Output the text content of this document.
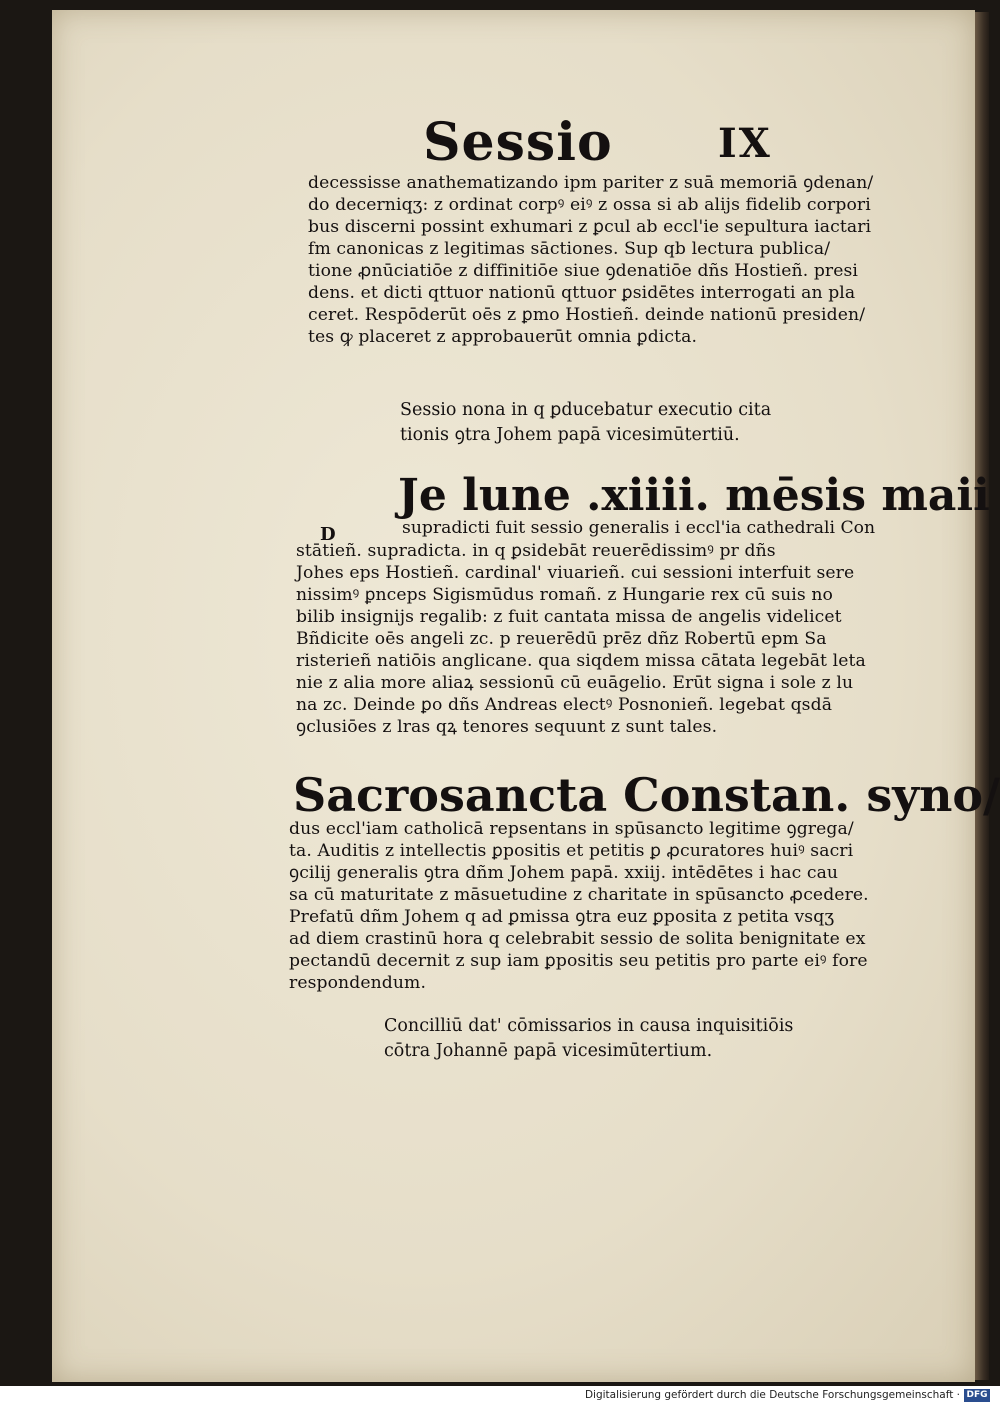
Sessio	IX
decessisse anathematizando ipm pariter z suā memoriā ꝯdenan/
do decerniqʒ: z ordinat corpꝰ eiꝰ z ossa si ab alijs fidelib corpori
bus discerni possint exhumari z ꝑcul ab eccl'ie sepultura iactari
fm canonicas z legitimas sāctiones. Sup qb lectura publica/
tione ꝓnūciatiōe z diffinitiōe siue ꝯdenatiōe dñs Hostieñ. presi
dens. et dicti qttuor nationū qttuor ꝑsidētes interrogati an pla
ceret. Respōderūt oēs z ꝑmo Hostieñ. deinde nationū presiden/
tes ꝙ placeret z approbauerūt omnia ꝑdicta.
Sessio nona in q ꝑducebatur executio cita
tionis ꝯtra Johem papā vicesimūtertiū.
Je lune .xiiii. mēsis maii
D	supradicti fuit sessio generalis i eccl'ia cathedrali Con
stātieñ. supradicta. in q ꝑsidebāt reuerēdissimꝰ pr dñs
Johes eps Hostieñ. cardinal' viuarieñ. cui sessioni interfuit sere
nissimꝰ ꝑnceps Sigismūdus romañ. z Hungarie rex cū suis no
bilib insignijs regalib: z fuit cantata missa de angelis videlicet
Bñdicite oēs angeli zc. p reuerēdū prēz dñz Robertū epm Sa
risterieñ natiōis anglicane. qua siqdem missa cātata legebāt leta
nie z alia more aliaꝝ sessionū cū euāgelio. Erūt signa i sole z lu
na zc. Deinde ꝑo dñs Andreas electꝰ Posnonieñ. legebat qsdā
ꝯclusiōes z lras qꝝ tenores sequunt z sunt tales.
Sacrosancta Constan. syno/
dus eccl'iam catholicā repsentans in spūsancto legitime ꝯgrega/
ta. Auditis z intellectis ꝑpositis et petitis ꝑ ꝓcuratores huiꝰ sacri
ꝯcilij generalis ꝯtra dñm Johem papā. xxiij. intēdētes i hac cau
sa cū maturitate z māsuetudine z charitate in spūsancto ꝓcedere.
Prefatū dñm Johem q ad ꝑmissa ꝯtra euz ꝑposita z petita vsqʒ
ad diem crastinū hora q celebrabit sessio de solita benignitate ex
pectandū decernit z sup iam ꝑpositis seu petitis pro parte eiꝰ fore
respondendum.
Concilliū dat' cōmissarios in causa inquisitiōis
cōtra Johannē papā vicesimūtertium.
Digitalisierung gefördert durch die Deutsche Forschungsgemeinschaft · DFG
